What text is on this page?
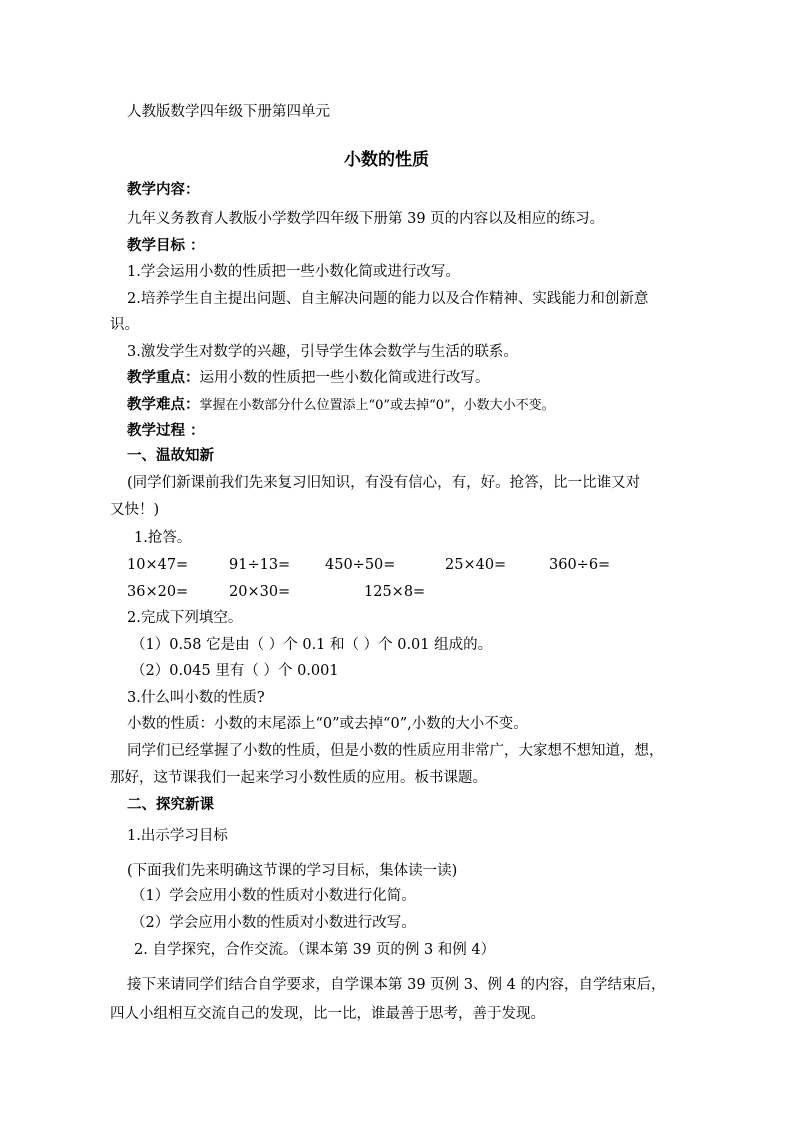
人教版数学四年级下册第四单元
小数的性质
教学内容：
九年义务教育人教版小学数学四年级下册第 39 页的内容以及相应的练习。
教学目标 ：
1.学会运用小数的性质把一些小数化简或进行改写。
2.培养学生自主提出问题、自主解决问题的能力以及合作精神、实践能力和创新意
识。
3.激发学生对数学的兴趣，引导学生体会数学与生活的联系。
教学重点：运用小数的性质把一些小数化简或进行改写。
教学难点：掌握在小数部分什么位置添上“0”或去掉“0”，小数大小不变。
教学过程 ：
一、温故知新
(同学们新课前我们先来复习旧知识，有没有信心，有，好。抢答，比一比谁又对
又快！)
1.抢答。
10×47=	91÷13= 450÷50=	25×40=	360÷6=
36×20=	20×30=	125×8=
2.完成下列填空。
（1）0.58 它是由（ ）个 0.1 和（ ）个 0.01 组成的。
（2）0.045 里有（ ）个 0.001
3.什么叫小数的性质?
小数的性质：小数的末尾添上“0”或去掉“0”,小数的大小不变。
同学们已经掌握了小数的性质，但是小数的性质应用非常广，大家想不想知道，想，
那好，这节课我们一起来学习小数性质的应用。板书课题。
二、探究新课
1.出示学习目标
(下面我们先来明确这节课的学习目标，集体读一读)
（1）学会应用小数的性质对小数进行化简。
（2）学会应用小数的性质对小数进行改写。
2. 自学探究，合作交流。（课本第 39 页的例 3 和例 4）
接下来请同学们结合自学要求，自学课本第 39 页例 3、例 4 的内容，自学结束后，
四人小组相互交流自己的发现，比一比，谁最善于思考，善于发现。
